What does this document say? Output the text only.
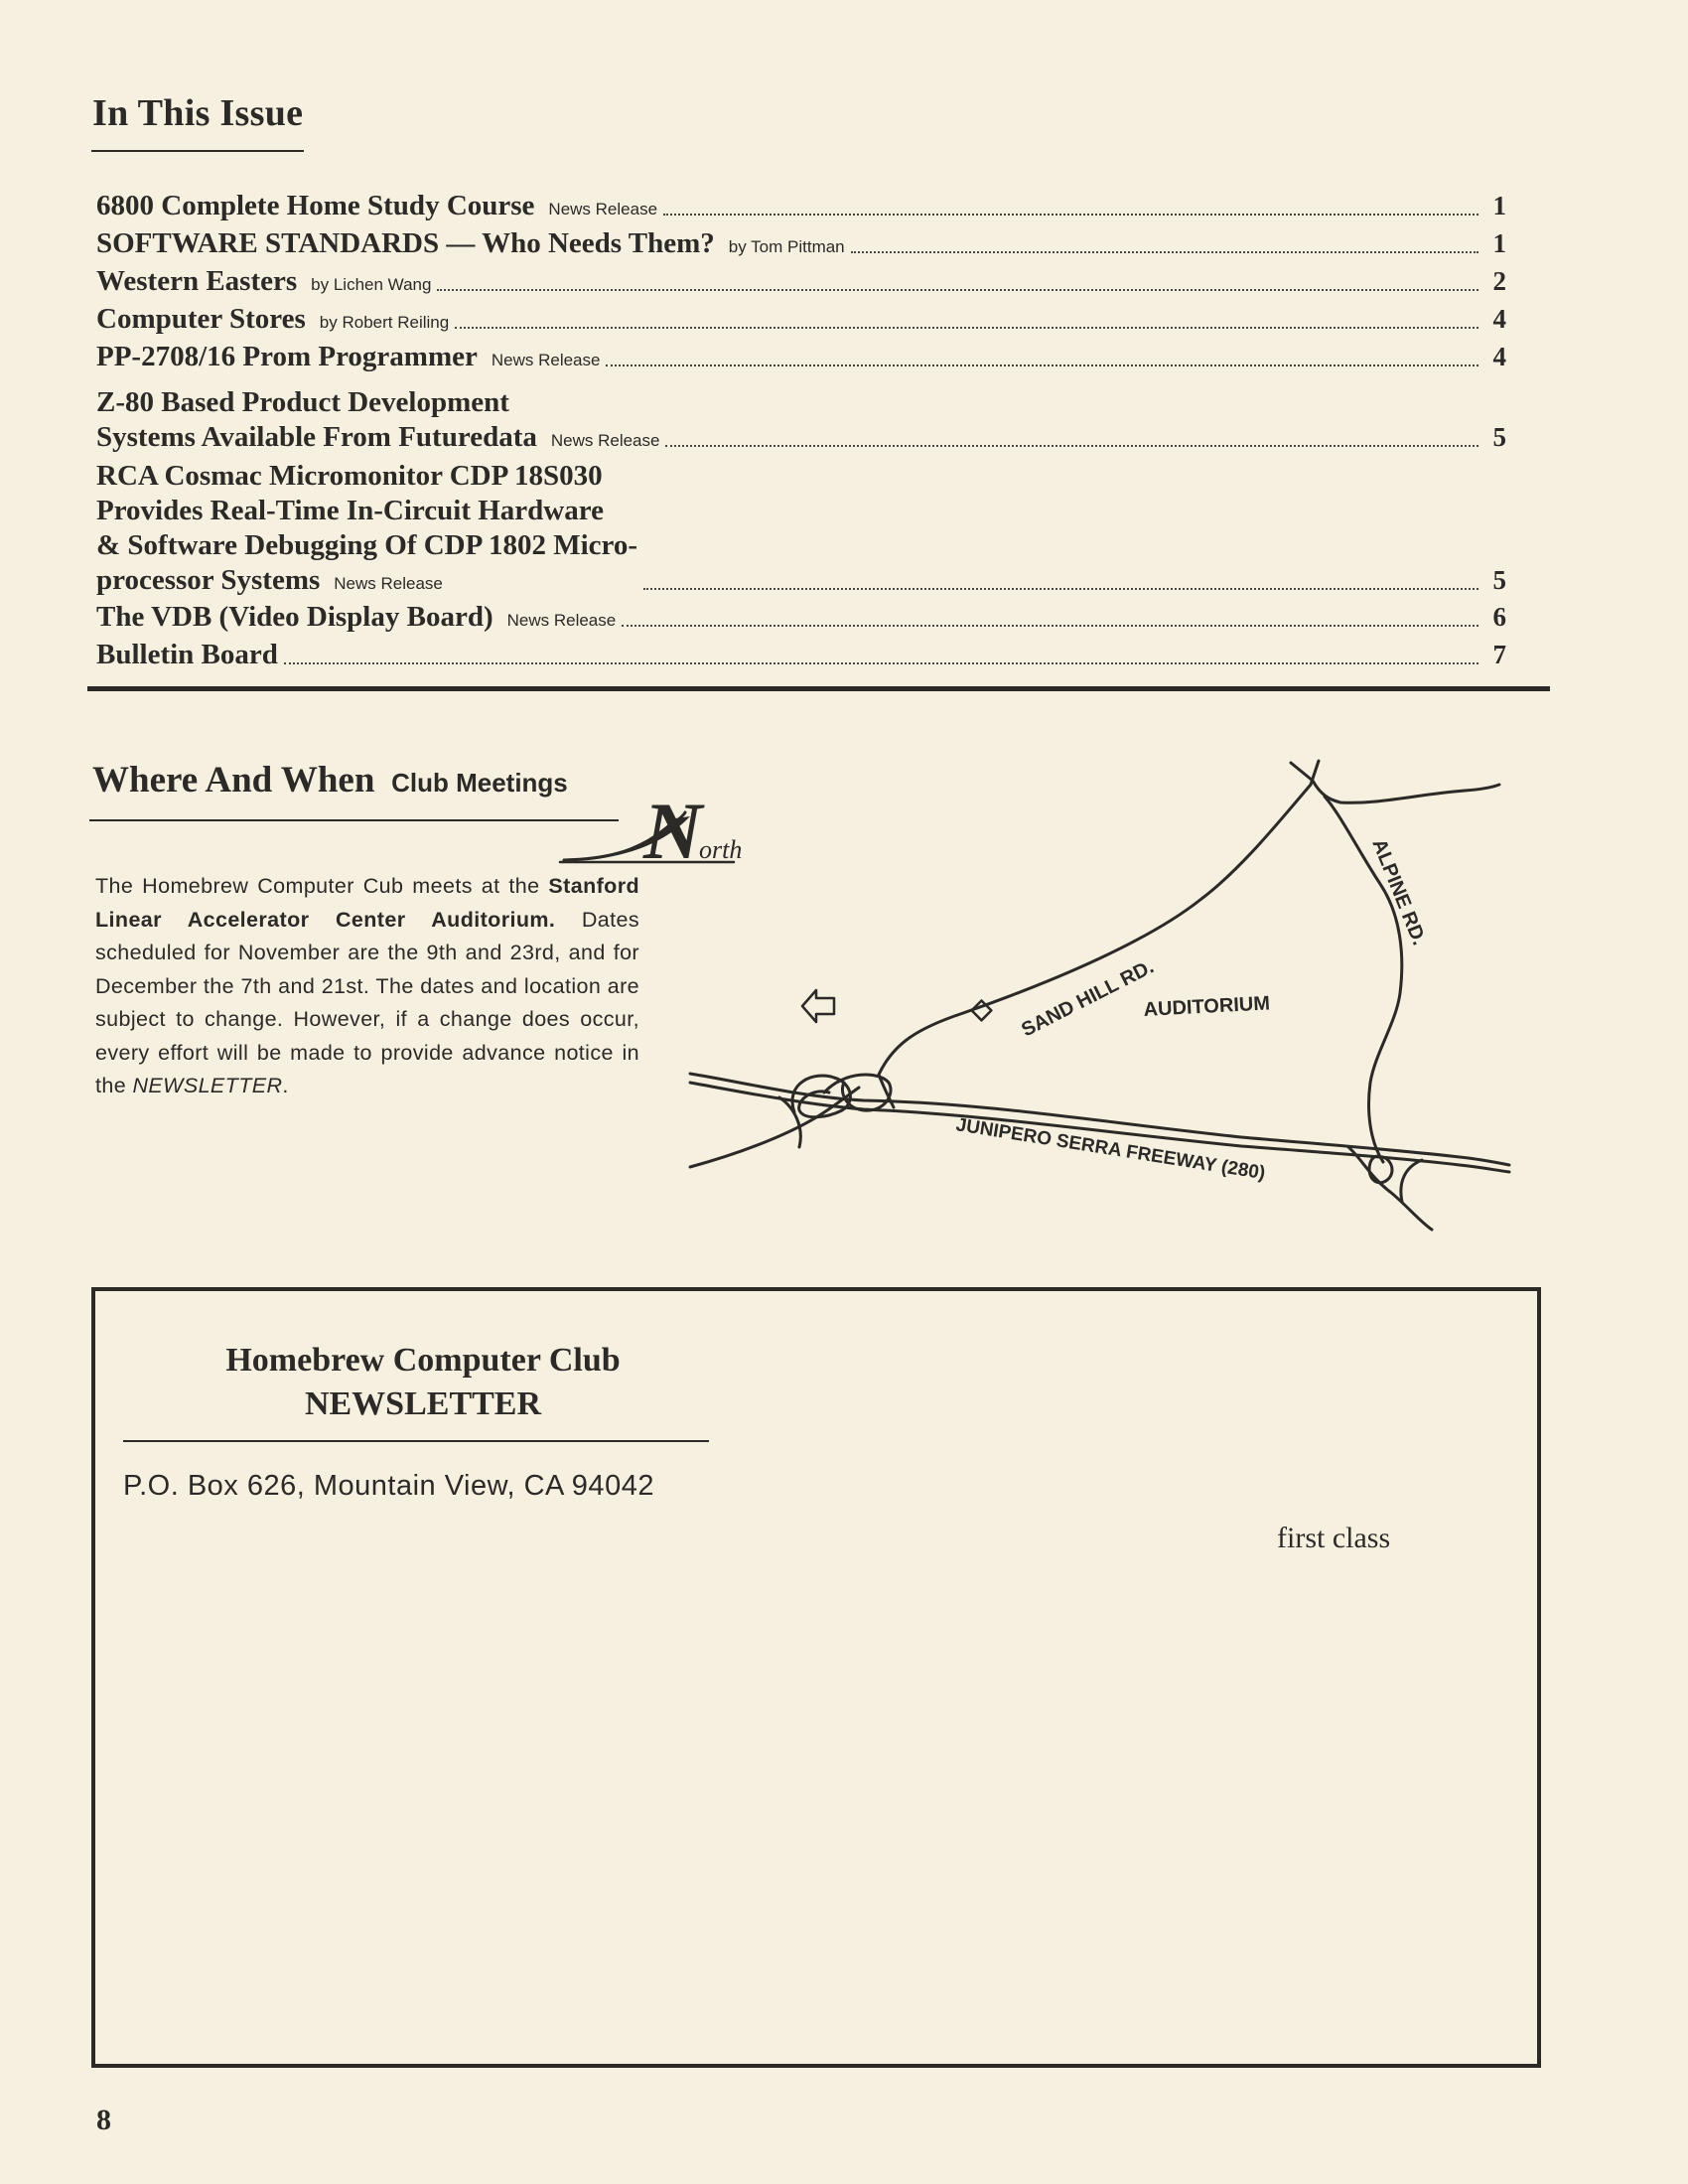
In This Issue
6800 Complete Home Study Course News Release	1
SOFTWARE STANDARDS — Who Needs Them? by Tom Pittman	1
Western Easters by Lichen Wang	2
Computer Stores by Robert Reiling	4
PP-2708/16 Prom Programmer News Release	4
Z-80 Based Product Development
Systems Available From Futuredata News Release	5
RCA Cosmac Micromonitor CDP 18S030
Provides Real-Time In-Circuit Hardware
& Software Debugging Of CDP 1802 Micro-
processor Systems News Release	5
The VDB (Video Display Board) News Release	6
Bulletin Board	7
Where And When Club Meetings

The Homebrew Computer Cub meets at the Stanford Linear Accelerator Center Auditorium. Dates scheduled for November are the 9th and 23rd, and for December the 7th and 21st. The dates and location are subject to change. However, if a change does occur, every effort will be made to provide advance notice in the NEWSLETTER.

N
orth
SAND HILL RD.
ALPINE RD.
AUDITORIUM
JUNIPERO SERRA FREEWAY (280)
Homebrew Computer Club
NEWSLETTER

P.O. Box 626, Mountain View, CA 94042

first class

8
